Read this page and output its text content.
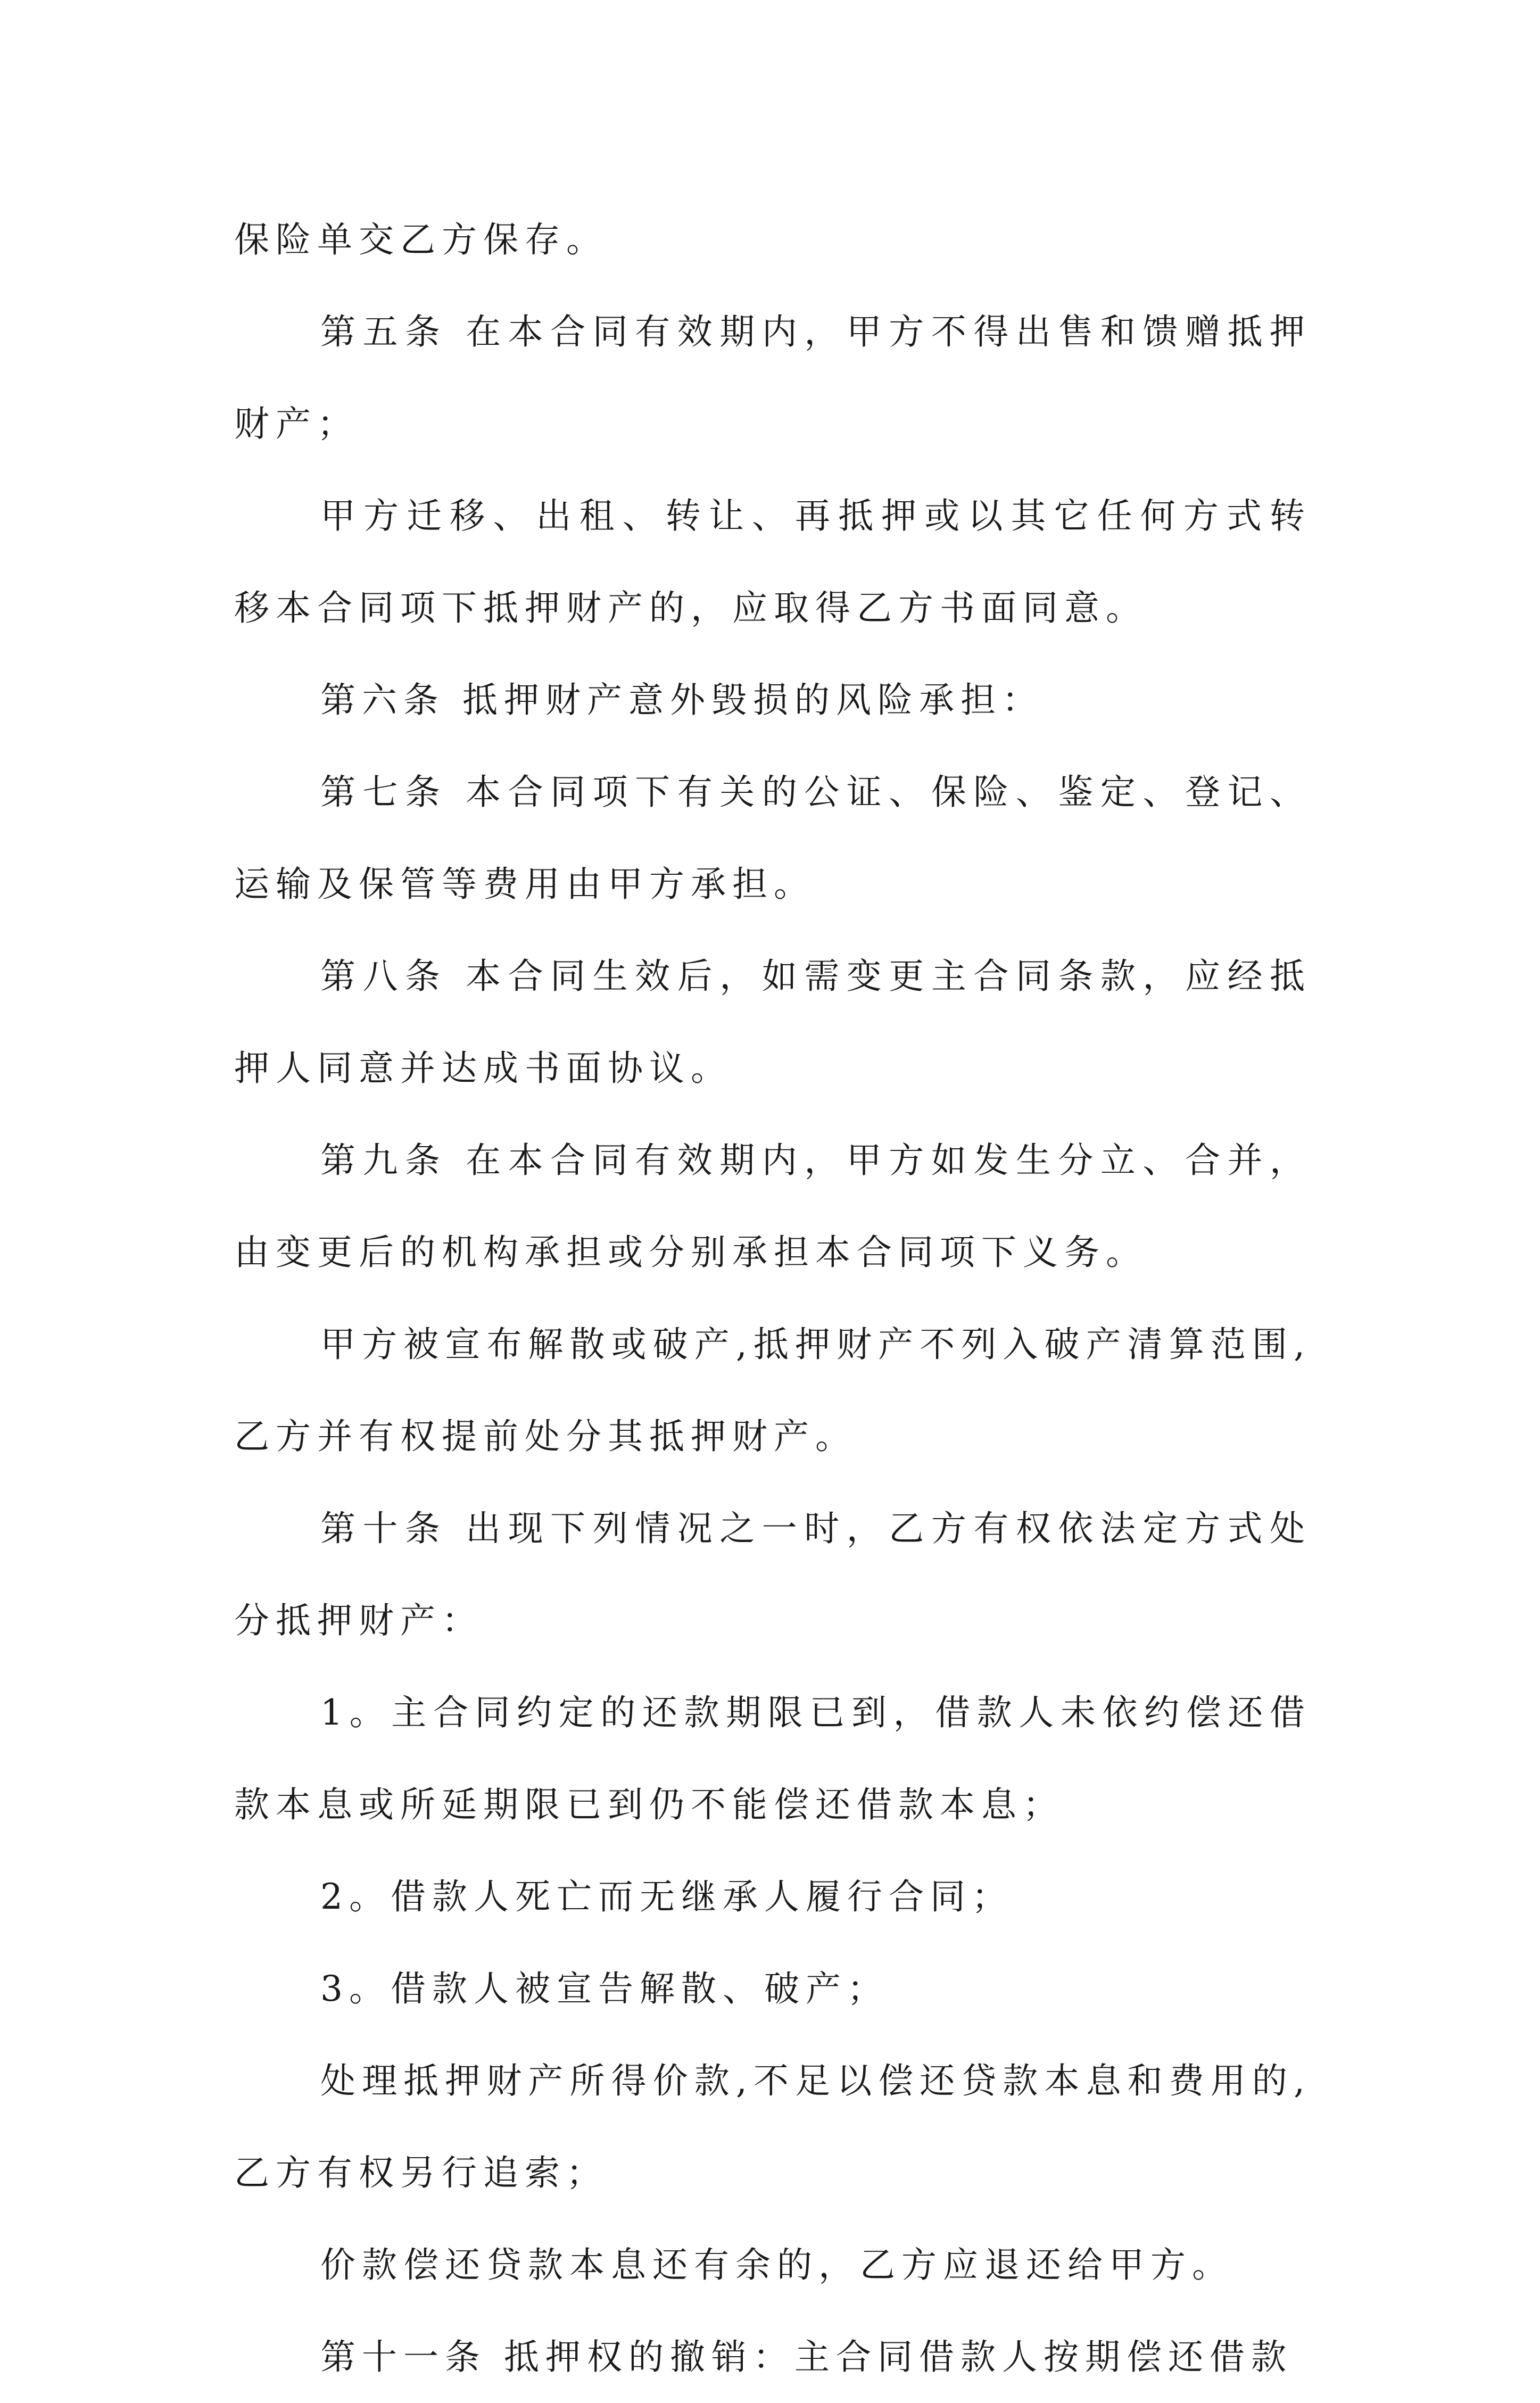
保险单交乙方保存。

第五条 在本合同有效期内，甲方不得出售和馈赠抵押财产；

甲方迁移、出租、转让、再抵押或以其它任何方式转移本合同项下抵押财产的，应取得乙方书面同意。

第六条 抵押财产意外毁损的风险承担：

第七条 本合同项下有关的公证、保险、鉴定、登记、运输及保管等费用由甲方承担。

第八条 本合同生效后，如需变更主合同条款，应经抵押人同意并达成书面协议。

第九条 在本合同有效期内，甲方如发生分立、合并，由变更后的机构承担或分别承担本合同项下义务。

甲方被宣布解散或破产,抵押财产不列入破产清算范围,乙方并有权提前处分其抵押财产。

第十条 出现下列情况之一时，乙方有权依法定方式处分抵押财产：

1。主合同约定的还款期限已到，借款人未依约偿还借款本息或所延期限已到仍不能偿还借款本息；

2。借款人死亡而无继承人履行合同；

3。借款人被宣告解散、破产；

处理抵押财产所得价款,不足以偿还贷款本息和费用的,乙方有权另行追索；

价款偿还贷款本息还有余的，乙方应退还给甲方。

第十一条 抵押权的撤销：主合同借款人按期偿还借款
